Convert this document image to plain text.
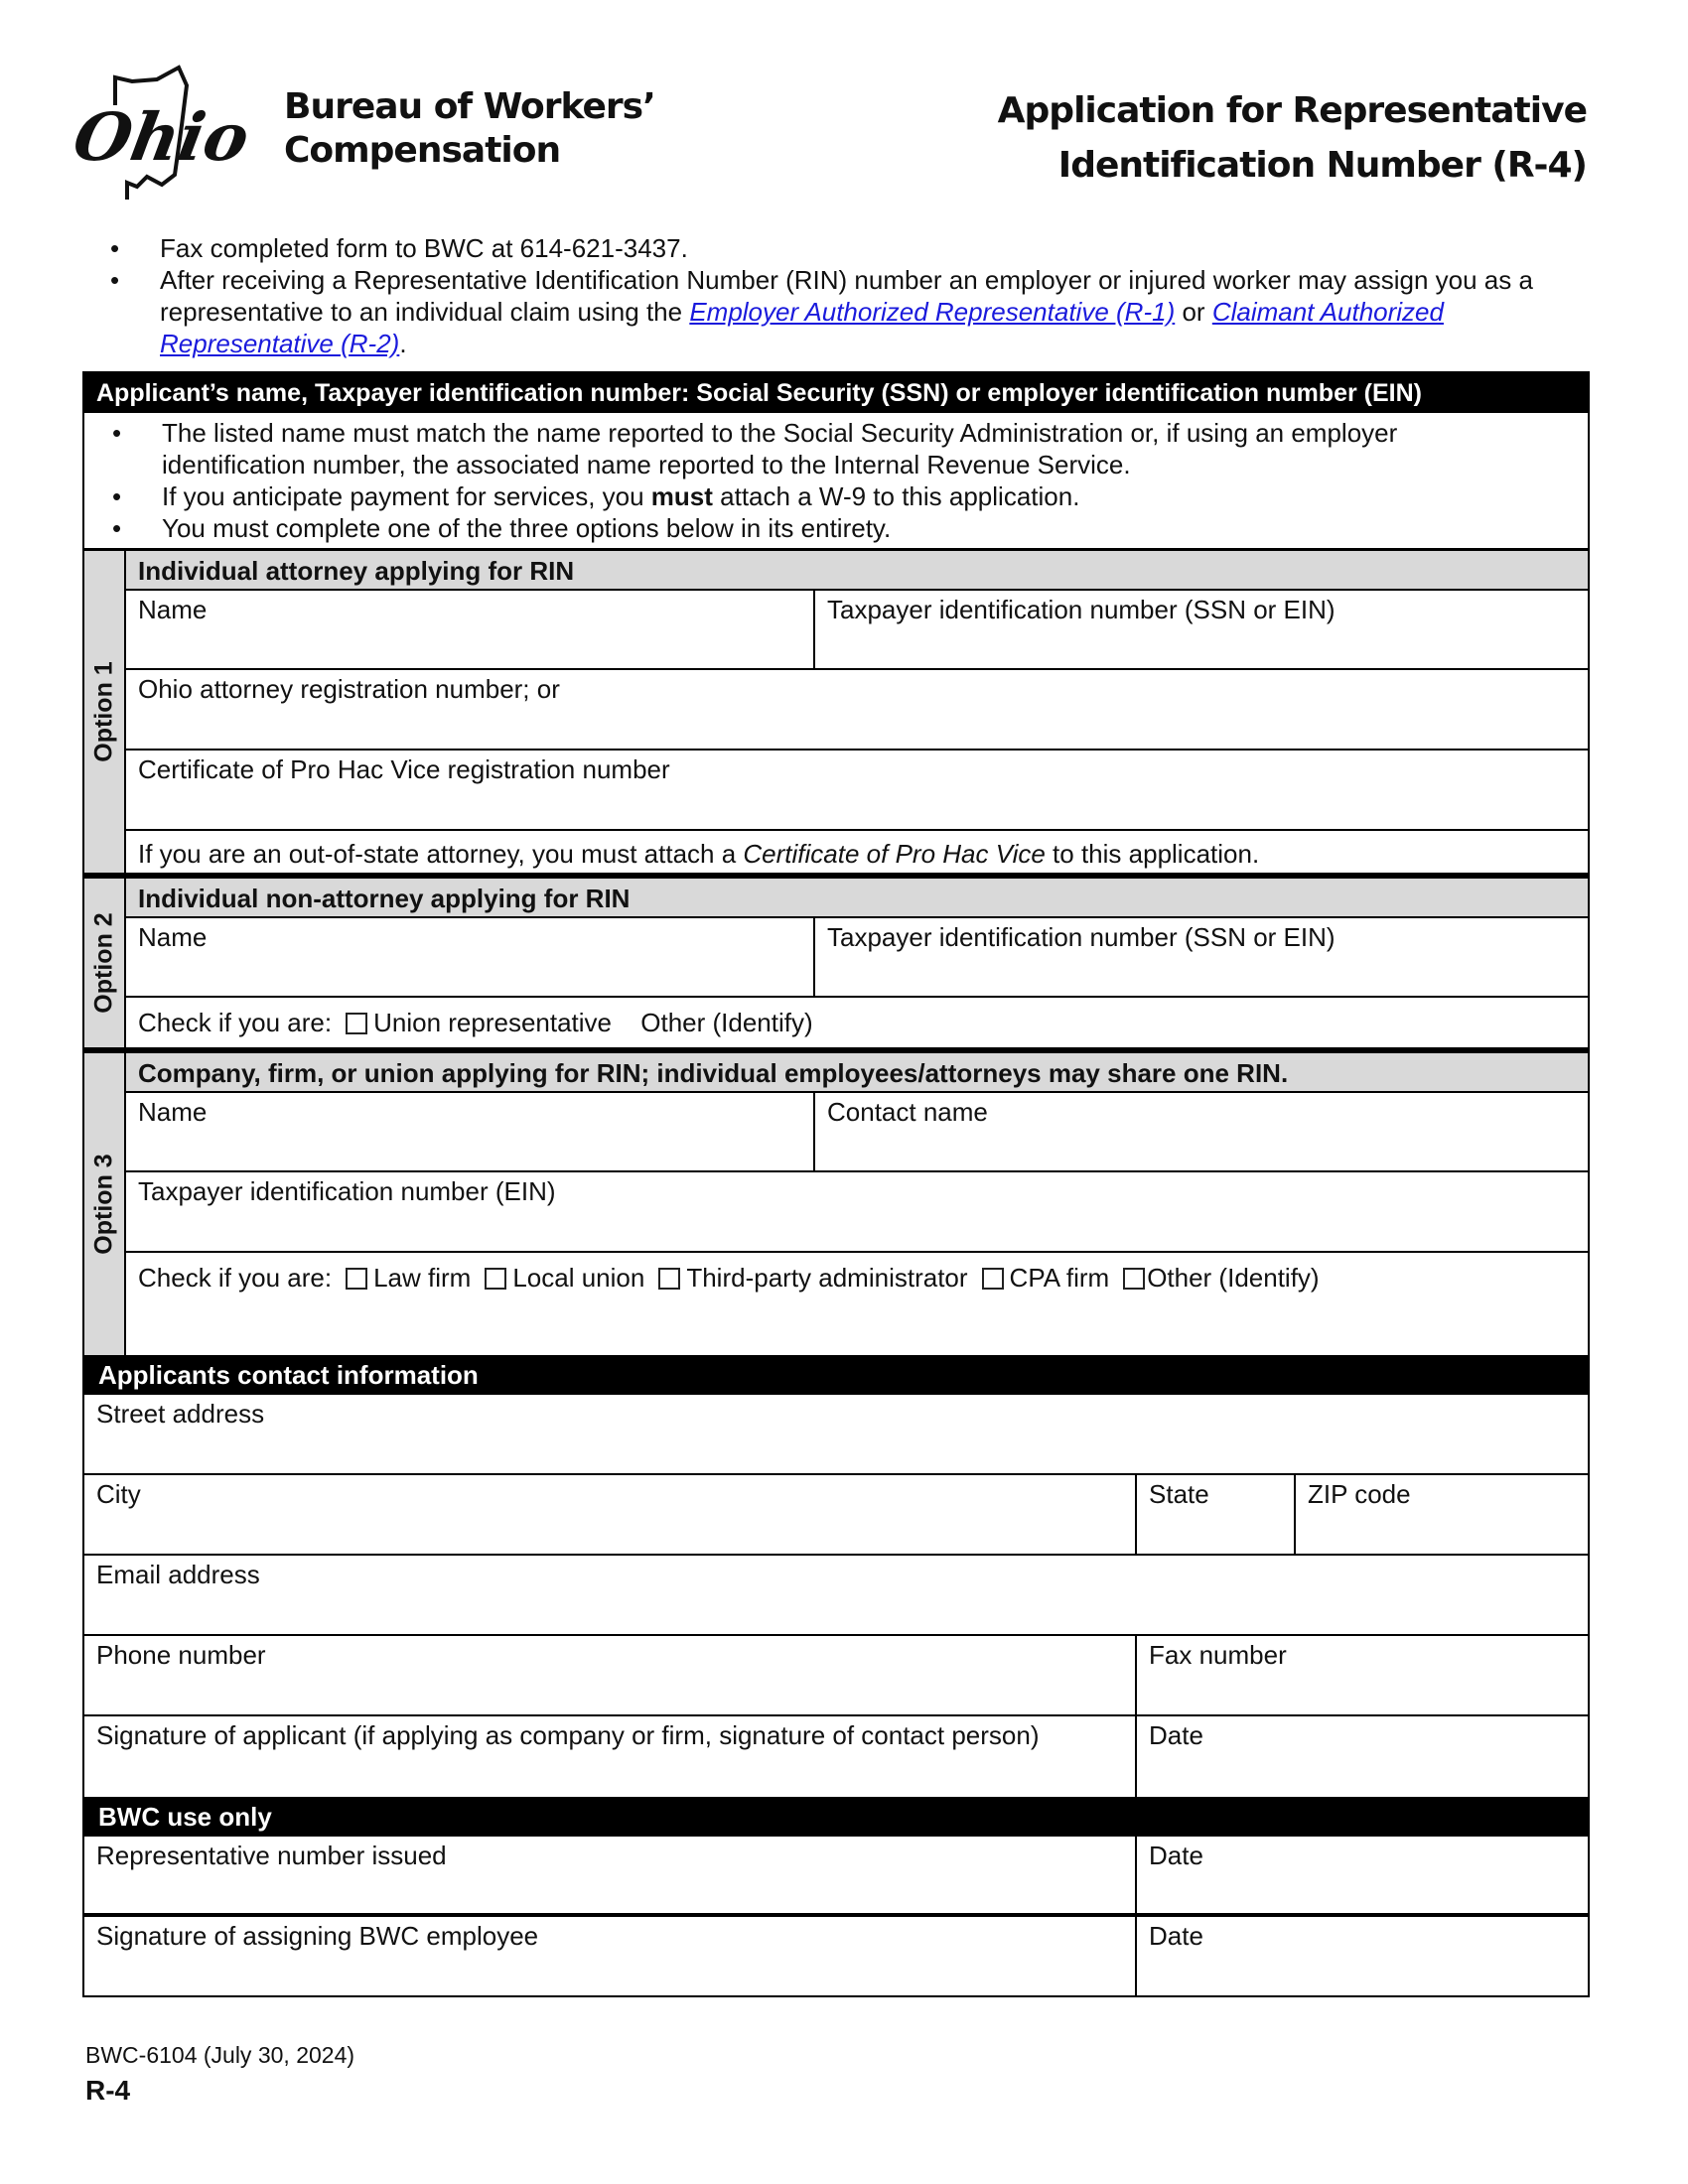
Ohio Bureau of Workers’
Compensation
Application for Representative
Identification Number (R-4)
• Fax completed form to BWC at 614-621-3437.
• After receiving a Representative Identification Number (RIN) number an employer or injured worker may assign you as a representative to an individual claim using the Employer Authorized Representative (R-1) or Claimant Authorized Representative (R-2).
Applicant’s name, Taxpayer identification number: Social Security (SSN) or employer identification number (EIN)
• The listed name must match the name reported to the Social Security Administration or, if using an employer identification number, the associated name reported to the Internal Revenue Service.
• If you anticipate payment for services, you must attach a W-9 to this application.
• You must complete one of the three options below in its entirety.
Option 1
Individual attorney applying for RIN
Name	Taxpayer identification number (SSN or EIN)
Ohio attorney registration number; or
Certificate of Pro Hac Vice registration number
If you are an out-of-state attorney, you must attach a Certificate of Pro Hac Vice to this application.
Option 2
Individual non-attorney applying for RIN
Name	Taxpayer identification number (SSN or EIN)
Check if you are: Union representative Other (Identify)
Option 3
Company, firm, or union applying for RIN; individual employees/attorneys may share one RIN.
Name	Contact name
Taxpayer identification number (EIN)
Check if you are: Law firm Local union Third-party administrator CPA firm Other (Identify)
Applicants contact information
Street address
City	State	ZIP code
Email address
Phone number	Fax number
Signature of applicant (if applying as company or firm, signature of contact person)	Date
BWC use only
Representative number issued	Date
Signature of assigning BWC employee	Date
BWC-6104 (July 30, 2024)
R-4
